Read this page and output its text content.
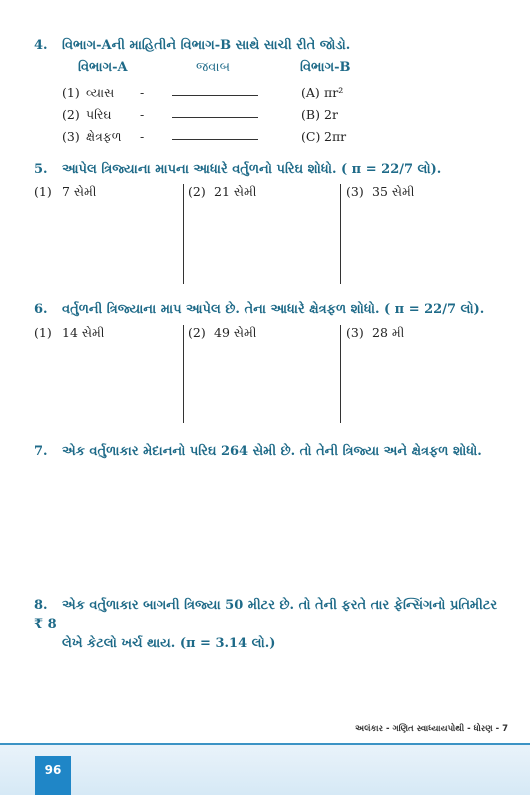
4. વિભાગ-Aની માહિતીને વિભાગ-B સાથે સાચી રીતે જોડો.
વિભાગ-A	જવાબ	વિભાગ-B
(1) વ્યાસ -	(A) πr²
(2) પરિઘ -	(B) 2r
(3) ક્ષેત્રફળ -	(C) 2πr
5. આપેલ ત્રિજ્યાના માપના આધારે વર્તુળનો પરિઘ શોધો. ( π = 22/7 લો).
(1) 7 સેમી	(2) 21 સેમી	(3) 35 સેમી
6. વર્તુળની ત્રિજ્યાના માપ આપેલ છે. તેના આધારે ક્ષેત્રફળ શોધો. ( π = 22/7 લો).
(1) 14 સેમી	(2) 49 સેમી	(3) 28 મી
7. એક વર્તુળાકાર મેદાનનો પરિઘ 264 સેમી છે. તો તેની ત્રિજ્યા અને ક્ષેત્રફળ શોધો.
8. એક વર્તુળાકાર બાગની ત્રિજ્યા 50 મીટર છે. તો તેની ફરતે તાર ફેન્સિંગનો પ્રતિમીટર ₹ 8
લેખે કેટલો ખર્ચ થાય. (π = 3.14 લો.)
અલંકાર - ગણિત સ્વાધ્યાયપોથી - ધોરણ - 7
96
